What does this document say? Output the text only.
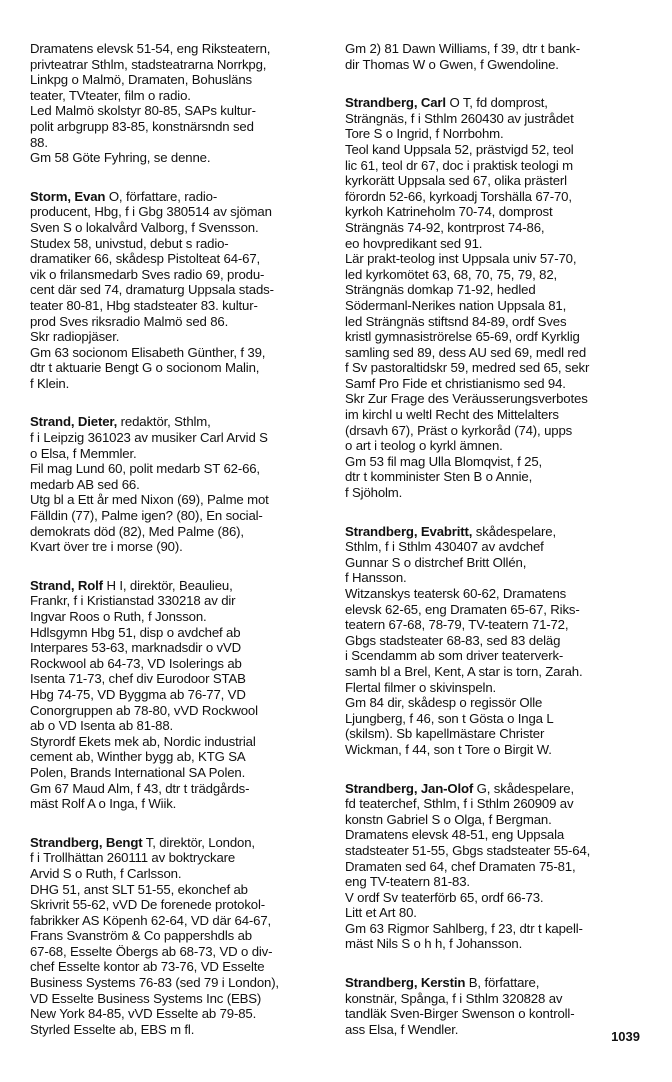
Dramatens elevsk 51-54, eng Riksteatern,
privteatrar Sthlm, stadsteatrarna Norrkpg,
Linkpg o Malmö, Dramaten, Bohusläns
teater, TVteater, film o radio.
Led Malmö skolstyr 80-85, SAPs kultur-
polit arbgrupp 83-85, konstnärsndn sed
88.
Gm 58 Göte Fyhring, se denne.
Storm, Evan O, författare, radio-
producent, Hbg, f i Gbg 380514 av sjöman
Sven S o lokalvård Valborg, f Svensson.
Studex 58, univstud, debut s radio-
dramatiker 66, skådesp Pistolteat 64-67,
vik o frilansmedarb Sves radio 69, produ-
cent där sed 74, dramaturg Uppsala stads-
teater 80-81, Hbg stadsteater 83. kultur-
prod Sves riksradio Malmö sed 86.
Skr radiopjäser.
Gm 63 socionom Elisabeth Günther, f 39,
dtr t aktuarie Bengt G o socionom Malin,
f Klein.
Strand, Dieter, redaktör, Sthlm,
f i Leipzig 361023 av musiker Carl Arvid S
o Elsa, f Memmler.
Fil mag Lund 60, polit medarb ST 62-66,
medarb AB sed 66.
Utg bl a Ett år med Nixon (69), Palme mot
Fälldin (77), Palme igen? (80), En social-
demokrats död (82), Med Palme (86),
Kvart över tre i morse (90).
Strand, Rolf H I, direktör, Beaulieu,
Frankr, f i Kristianstad 330218 av dir
Ingvar Roos o Ruth, f Jonsson.
Hdlsgymn Hbg 51, disp o avdchef ab
Interpares 53-63, marknadsdir o vVD
Rockwool ab 64-73, VD Isolerings ab
Isenta 71-73, chef div Eurodoor STAB
Hbg 74-75, VD Byggma ab 76-77, VD
Conorgruppen ab 78-80, vVD Rockwool
ab o VD Isenta ab 81-88.
Styrordf Ekets mek ab, Nordic industrial
cement ab, Winther bygg ab, KTG SA
Polen, Brands International SA Polen.
Gm 67 Maud Alm, f 43, dtr t trädgårds-
mäst Rolf A o Inga, f Wiik.
Strandberg, Bengt T, direktör, London,
f i Trollhättan 260111 av boktryckare
Arvid S o Ruth, f Carlsson.
DHG 51, anst SLT 51-55, ekonchef ab
Skrivrit 55-62, vVD De forenede protokol-
fabrikker AS Köpenh 62-64, VD där 64-67,
Frans Svanström & Co pappershdls ab
67-68, Esselte Öbergs ab 68-73, VD o div-
chef Esselte kontor ab 73-76, VD Esselte
Business Systems 76-83 (sed 79 i London),
VD Esselte Business Systems Inc (EBS)
New York 84-85, vVD Esselte ab 79-85.
Styrled Esselte ab, EBS m fl.
Gm 2) 81 Dawn Williams, f 39, dtr t bank-
dir Thomas W o Gwen, f Gwendoline.
Strandberg, Carl O T, fd domprost,
Strängnäs, f i Sthlm 260430 av justrådet
Tore S o Ingrid, f Norrbohm.
Teol kand Uppsala 52, prästvigd 52, teol
lic 61, teol dr 67, doc i praktisk teologi m
kyrkorätt Uppsala sed 67, olika prästerl
förordn 52-66, kyrkoadj Torshälla 67-70,
kyrkoh Katrineholm 70-74, domprost
Strängnäs 74-92, kontrprost 74-86,
eo hovpredikant sed 91.
Lär prakt-teolog inst Uppsala univ 57-70,
led kyrkomötet 63, 68, 70, 75, 79, 82,
Strängnäs domkap 71-92, hedled
Södermanl-Nerikes nation Uppsala 81,
led Strängnäs stiftsnd 84-89, ordf Sves
kristl gymnasiströrelse 65-69, ordf Kyrklig
samling sed 89, dess AU sed 69, medl red
f Sv pastoraltidskr 59, medred sed 65, sekr
Samf Pro Fide et christianismo sed 94.
Skr Zur Frage des Veräusserungsverbotes
im kirchl u weltl Recht des Mittelalters
(drsavh 67), Präst o kyrkoråd (74), upps
o art i teolog o kyrkl ämnen.
Gm 53 fil mag Ulla Blomqvist, f 25,
dtr t komminister Sten B o Annie,
f Sjöholm.
Strandberg, Evabritt, skådespelare,
Sthlm, f i Sthlm 430407 av avdchef
Gunnar S o distrchef Britt Ollén,
f Hansson.
Witzanskys teatersk 60-62, Dramatens
elevsk 62-65, eng Dramaten 65-67, Riks-
teatern 67-68, 78-79, TV-teatern 71-72,
Gbgs stadsteater 68-83, sed 83 deläg
i Scendamm ab som driver teaterverk-
samh bl a Brel, Kent, A star is torn, Zarah.
Flertal filmer o skivinspeln.
Gm 84 dir, skådesp o regissör Olle
Ljungberg, f 46, son t Gösta o Inga L
(skilsm). Sb kapellmästare Christer
Wickman, f 44, son t Tore o Birgit W.
Strandberg, Jan-Olof G, skådespelare,
fd teaterchef, Sthlm, f i Sthlm 260909 av
konstn Gabriel S o Olga, f Bergman.
Dramatens elevsk 48-51, eng Uppsala
stadsteater 51-55, Gbgs stadsteater 55-64,
Dramaten sed 64, chef Dramaten 75-81,
eng TV-teatern 81-83.
V ordf Sv teaterförb 65, ordf 66-73.
Litt et Art 80.
Gm 63 Rigmor Sahlberg, f 23, dtr t kapell-
mäst Nils S o h h, f Johansson.
Strandberg, Kerstin B, författare,
konstnär, Spånga, f i Sthlm 320828 av
tandläk Sven-Birger Swenson o kontroll-
ass Elsa, f Wendler.	1039
